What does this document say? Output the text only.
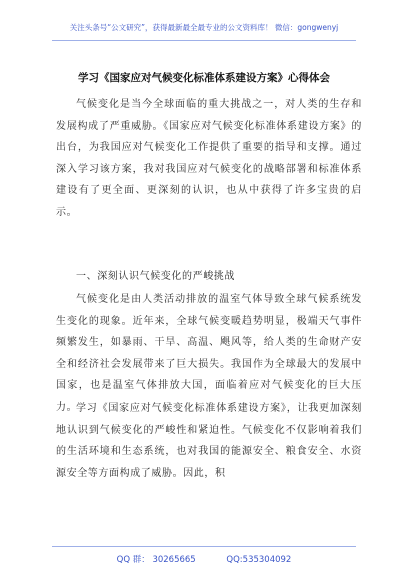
关注头条号“公文研究”，获得最新最全最专业的公文资料库！ 微信：gongwenyj
学习《国家应对气候变化标准体系建设方案》心得体会

气候变化是当今全球面临的重大挑战之一，对人类的生存和发展构成了严重威胁。《国家应对气候变化标准体系建设方案》的出台，为我国应对气候变化工作提供了重要的指导和支撑。通过深入学习该方案，我对我国应对气候变化的战略部署和标准体系建设有了更全面、更深刻的认识，也从中获得了许多宝贵的启示。

一、深刻认识气候变化的严峻挑战

气候变化是由人类活动排放的温室气体导致全球气候系统发生变化的现象。近年来，全球气候变暖趋势明显，极端天气事件频繁发生，如暴雨、干旱、高温、飓风等，给人类的生命财产安全和经济社会发展带来了巨大损失。我国作为全球最大的发展中国家，也是温室气体排放大国，面临着应对气候变化的巨大压力。

学习《国家应对气候变化标准体系建设方案》，让我更加深刻地认识到气候变化的严峻性和紧迫性。气候变化不仅影响着我们的生活环境和生态系统，也对我国的能源安全、粮食安全、水资源安全等方面构成了威胁。因此，积

QQ 群： 30265665	QQ:535304092
